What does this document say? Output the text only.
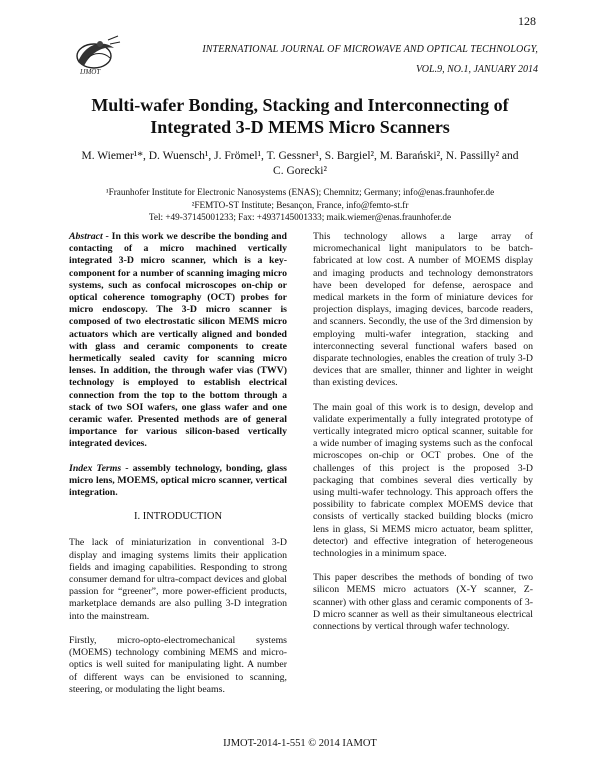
128
IJMOT
INTERNATIONAL JOURNAL OF MICROWAVE AND OPTICAL TECHNOLOGY,
VOL.9, NO.1, JANUARY 2014
Multi-wafer Bonding, Stacking and Interconnecting of Integrated 3-D MEMS Micro Scanners
M. Wiemer¹*, D. Wuensch¹, J. Frömel¹, T. Gessner¹, S. Bargiel², M. Barański², N. Passilly² and
C. Gorecki²
¹Fraunhofer Institute for Electronic Nanosystems (ENAS); Chemnitz; Germany; info@enas.fraunhofer.de
²FEMTO-ST Institute; Besançon, France, info@femto-st.fr
Tel: +49-37145001233; Fax: +4937145001333; maik.wiemer@enas.fraunhofer.de

Abstract - In this work we describe the bonding and contacting of a micro machined vertically integrated 3-D micro scanner, which is a key-component for a number of scanning imaging micro systems, such as confocal microscopes on-chip or optical coherence tomography (OCT) probes for micro endoscopy. The 3-D micro scanner is composed of two electrostatic silicon MEMS micro actuators which are vertically aligned and bonded with glass and ceramic components to create hermetically sealed cavity for scanning micro lenses. In addition, the through wafer vias (TWV) technology is employed to establish electrical connection from the top to the bottom through a stack of two SOI wafers, one glass wafer and one ceramic wafer. Presented methods are of general importance for various silicon-based vertically integrated devices.

Index Terms - assembly technology, bonding, glass micro lens, MOEMS, optical micro scanner, vertical integration.

I. INTRODUCTION

The lack of miniaturization in conventional 3-D display and imaging systems limits their application fields and imaging capabilities. Responding to strong consumer demand for ultra-compact devices and global passion for “greener”, more power-efficient products, marketplace demands are also pulling 3-D integration into the mainstream.

Firstly, micro-opto-electromechanical systems (MOEMS) technology combining MEMS and micro-optics is well suited for manipulating light. A number of different ways can be envisioned to scanning, steering, or modulating the light beams.

This technology allows a large array of micromechanical light manipulators to be batch-fabricated at low cost. A number of MOEMS display and imaging products and technology demonstrators have been developed for defense, aerospace and medical markets in the form of miniature devices for projection displays, imaging devices, barcode readers, and scanners. Secondly, the use of the 3rd dimension by employing multi-wafer integration, stacking and interconnecting several functional wafers based on disparate technologies, enables the creation of truly 3-D devices that are smaller, thinner and lighter in weight than existing devices.

The main goal of this work is to design, develop and validate experimentally a fully integrated prototype of vertically integrated micro optical scanner, suitable for a wide number of imaging systems such as the confocal microscopes on-chip or OCT probes. One of the challenges of this project is the proposed 3-D packaging that combines several dies vertically by using multi-wafer technology. This approach offers the possibility to fabricate complex MOEMS device that consists of vertically stacked building blocks (micro lens in glass, Si MEMS micro actuator, beam splitter, detector) and effective integration of heterogeneous technologies in a minimum space.

This paper describes the methods of bonding of two silicon MEMS micro actuators (X-Y scanner, Z-scanner) with other glass and ceramic components of 3-D micro scanner as well as their simultaneous electrical connections by vertical through wafer technology.

IJMOT-2014-1-551 © 2014 IAMOT
